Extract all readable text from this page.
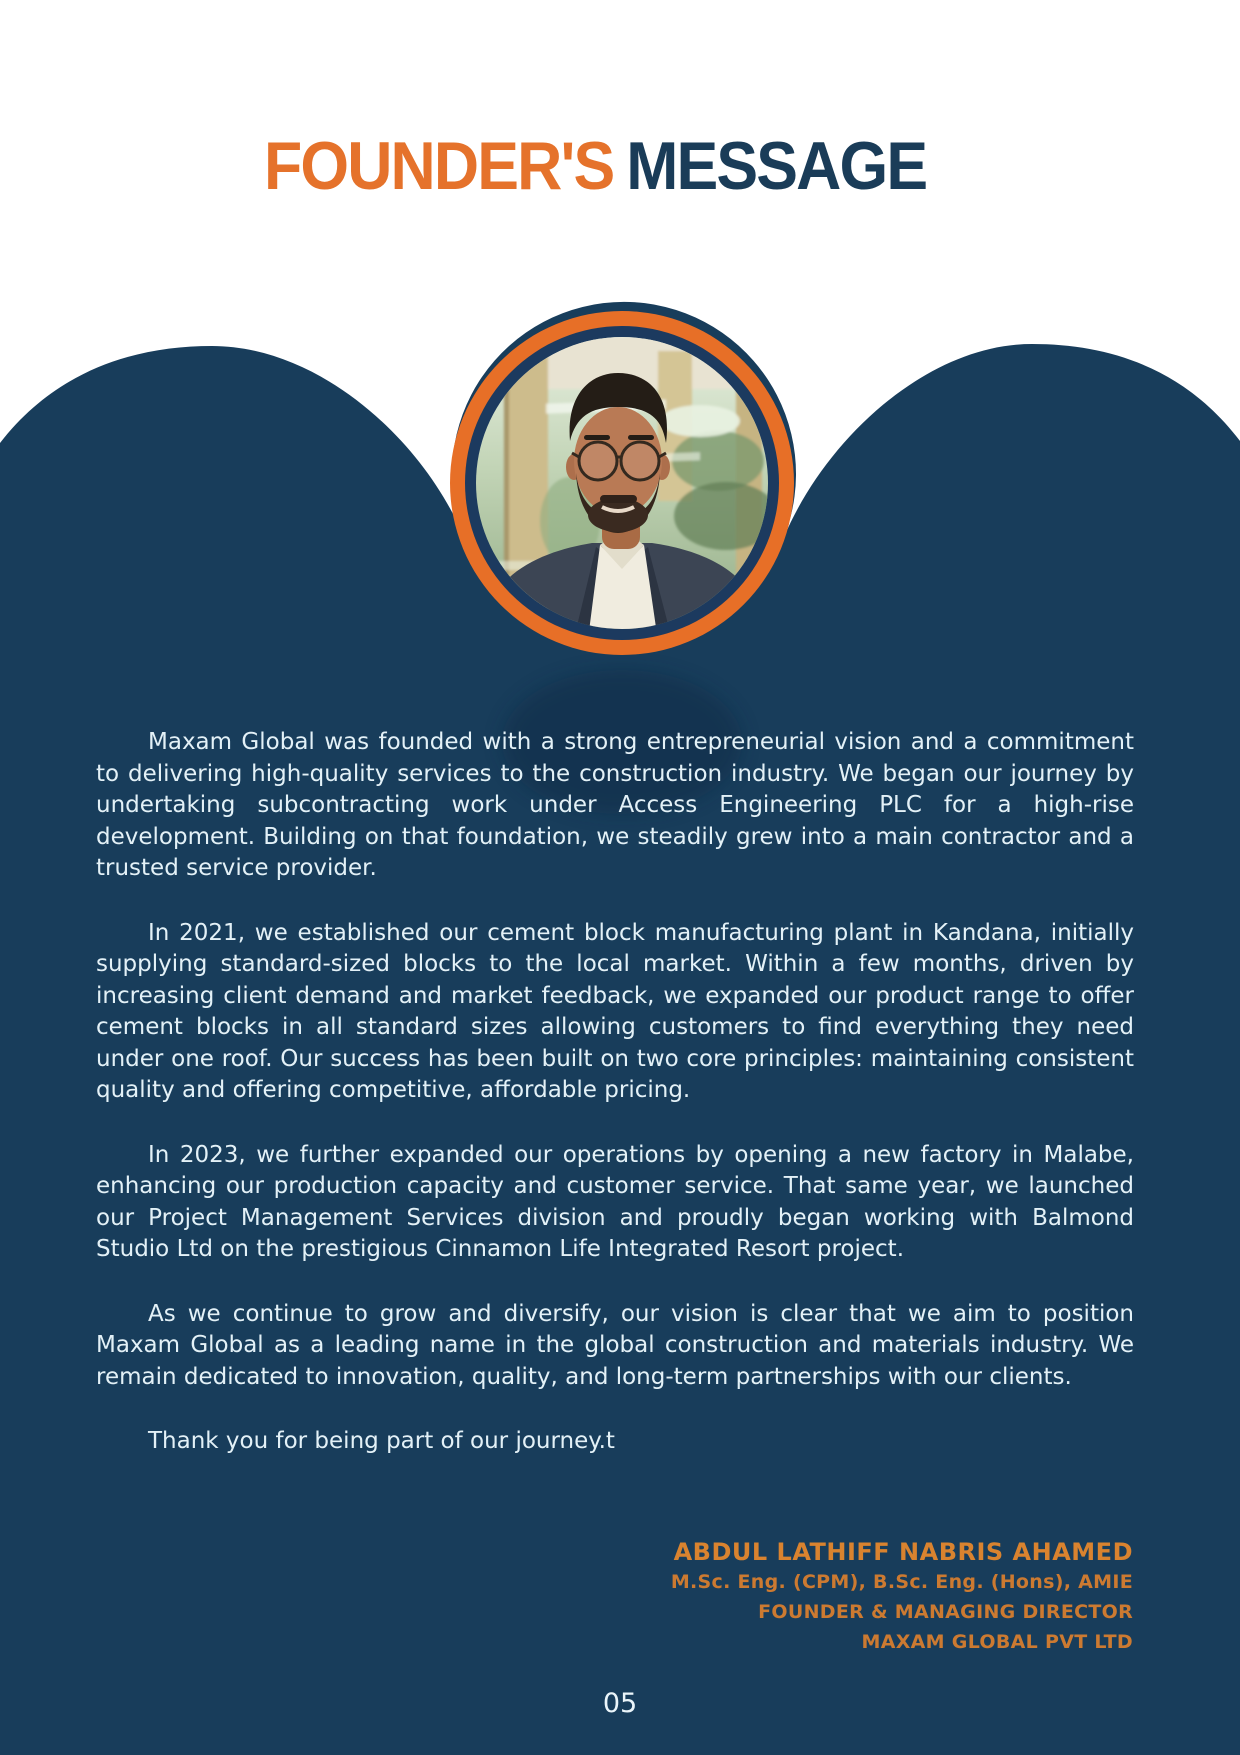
FOUNDER'S MESSAGE

Maxam Global was founded with a strong entrepreneurial vision and a commitment to delivering high-quality services to the construction industry. We began our journey by undertaking subcontracting work under Access Engineering PLC for a high-rise development. Building on that foundation, we steadily grew into a main contractor and a trusted service provider.

In 2021, we established our cement block manufacturing plant in Kandana, initially supplying standard-sized blocks to the local market. Within a few months, driven by increasing client demand and market feedback, we expanded our product range to offer cement blocks in all standard sizes allowing customers to find everything they need under one roof. Our success has been built on two core principles: maintaining consistent quality and offering competitive, affordable pricing.

In 2023, we further expanded our operations by opening a new factory in Malabe, enhancing our production capacity and customer service. That same year, we launched our Project Management Services division and proudly began working with Balmond Studio Ltd on the prestigious Cinnamon Life Integrated Resort project.

As we continue to grow and diversify, our vision is clear that we aim to position Maxam Global as a leading name in the global construction and materials industry. We remain dedicated to innovation, quality, and long-term partnerships with our clients.

Thank you for being part of our journey.t

ABDUL LATHIFF NABRIS AHAMED
M.Sc. Eng. (CPM), B.Sc. Eng. (Hons), AMIE
FOUNDER & MANAGING DIRECTOR
MAXAM GLOBAL PVT LTD
05
